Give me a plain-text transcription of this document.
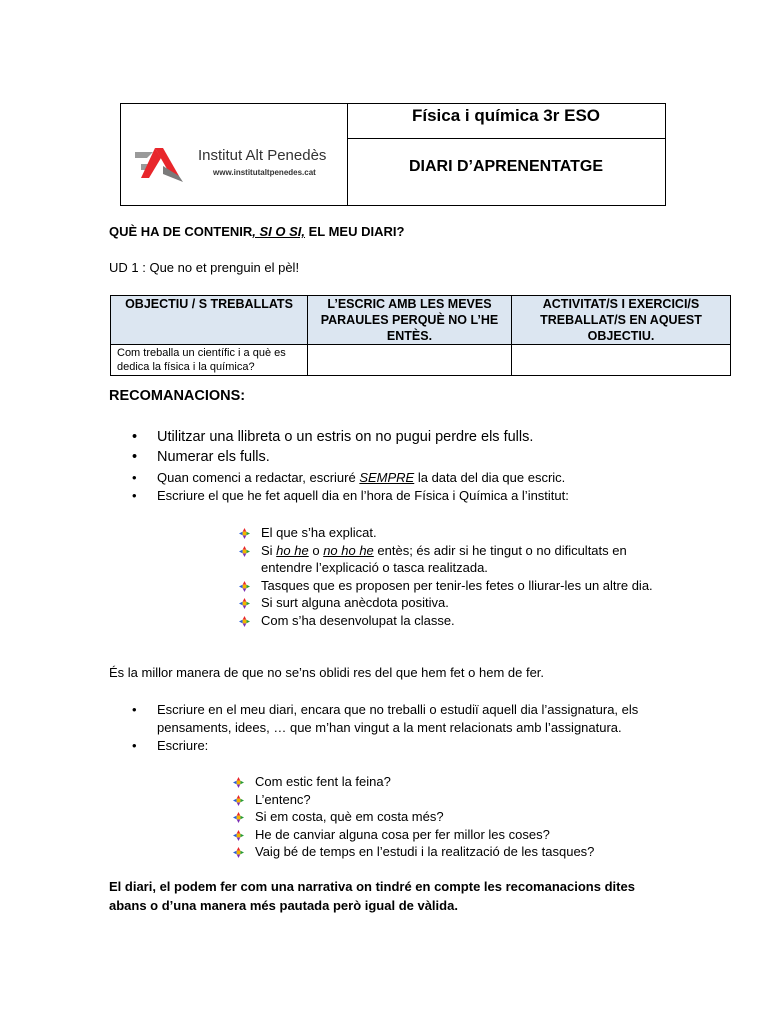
Institut Alt Penedès
www.institutaltpenedes.cat
Física i química 3r ESO
DIARI D’APRENENTATGE
QUÈ HA DE CONTENIR, SI O SI, EL MEU DIARI?
UD 1 : Que no et prenguin el pèl!
OBJECTIU / S TREBALLATS	L’ESCRIC AMB LES MEVES PARAULES PERQUÈ NO L’HE ENTÈS.	ACTIVITAT/S I EXERCICI/S TREBALLAT/S EN AQUEST OBJECTIU.
Com treballa un científic i a què es dedica la física i la química?		
RECOMANACIONS:
• Utilitzar una llibreta o un estris on no pugui perdre els fulls.
• Numerar els fulls.
• Quan comenci a redactar, escriuré SEMPRE la data del dia que escric.
• Escriure el que he fet aquell dia en l’hora de Física i Química a l’institut:
El que s’ha explicat.
Si ho he o no ho he entès; és adir si he tingut o no dificultats en entendre l’explicació o tasca realitzada.
Tasques que es proposen per tenir-les fetes o lliurar-les un altre dia.
Si surt alguna anècdota positiva.
Com s’ha desenvolupat la classe.
És la millor manera de que no se’ns oblidi res del que hem fet o hem de fer.
• Escriure en el meu diari, encara que no treballi o estudiï aquell dia l’assignatura, els pensaments, idees, … que m’han vingut a la ment relacionats amb l’assignatura.
• Escriure:
Com estic fent la feina?
L’entenc?
Si em costa, què em costa més?
He de canviar alguna cosa per fer millor les coses?
Vaig bé de temps en l’estudi i la realització de les tasques?
El diari, el podem fer com una narrativa on tindré en compte les recomanacions dites abans o d’una manera més pautada però igual de vàlida.
